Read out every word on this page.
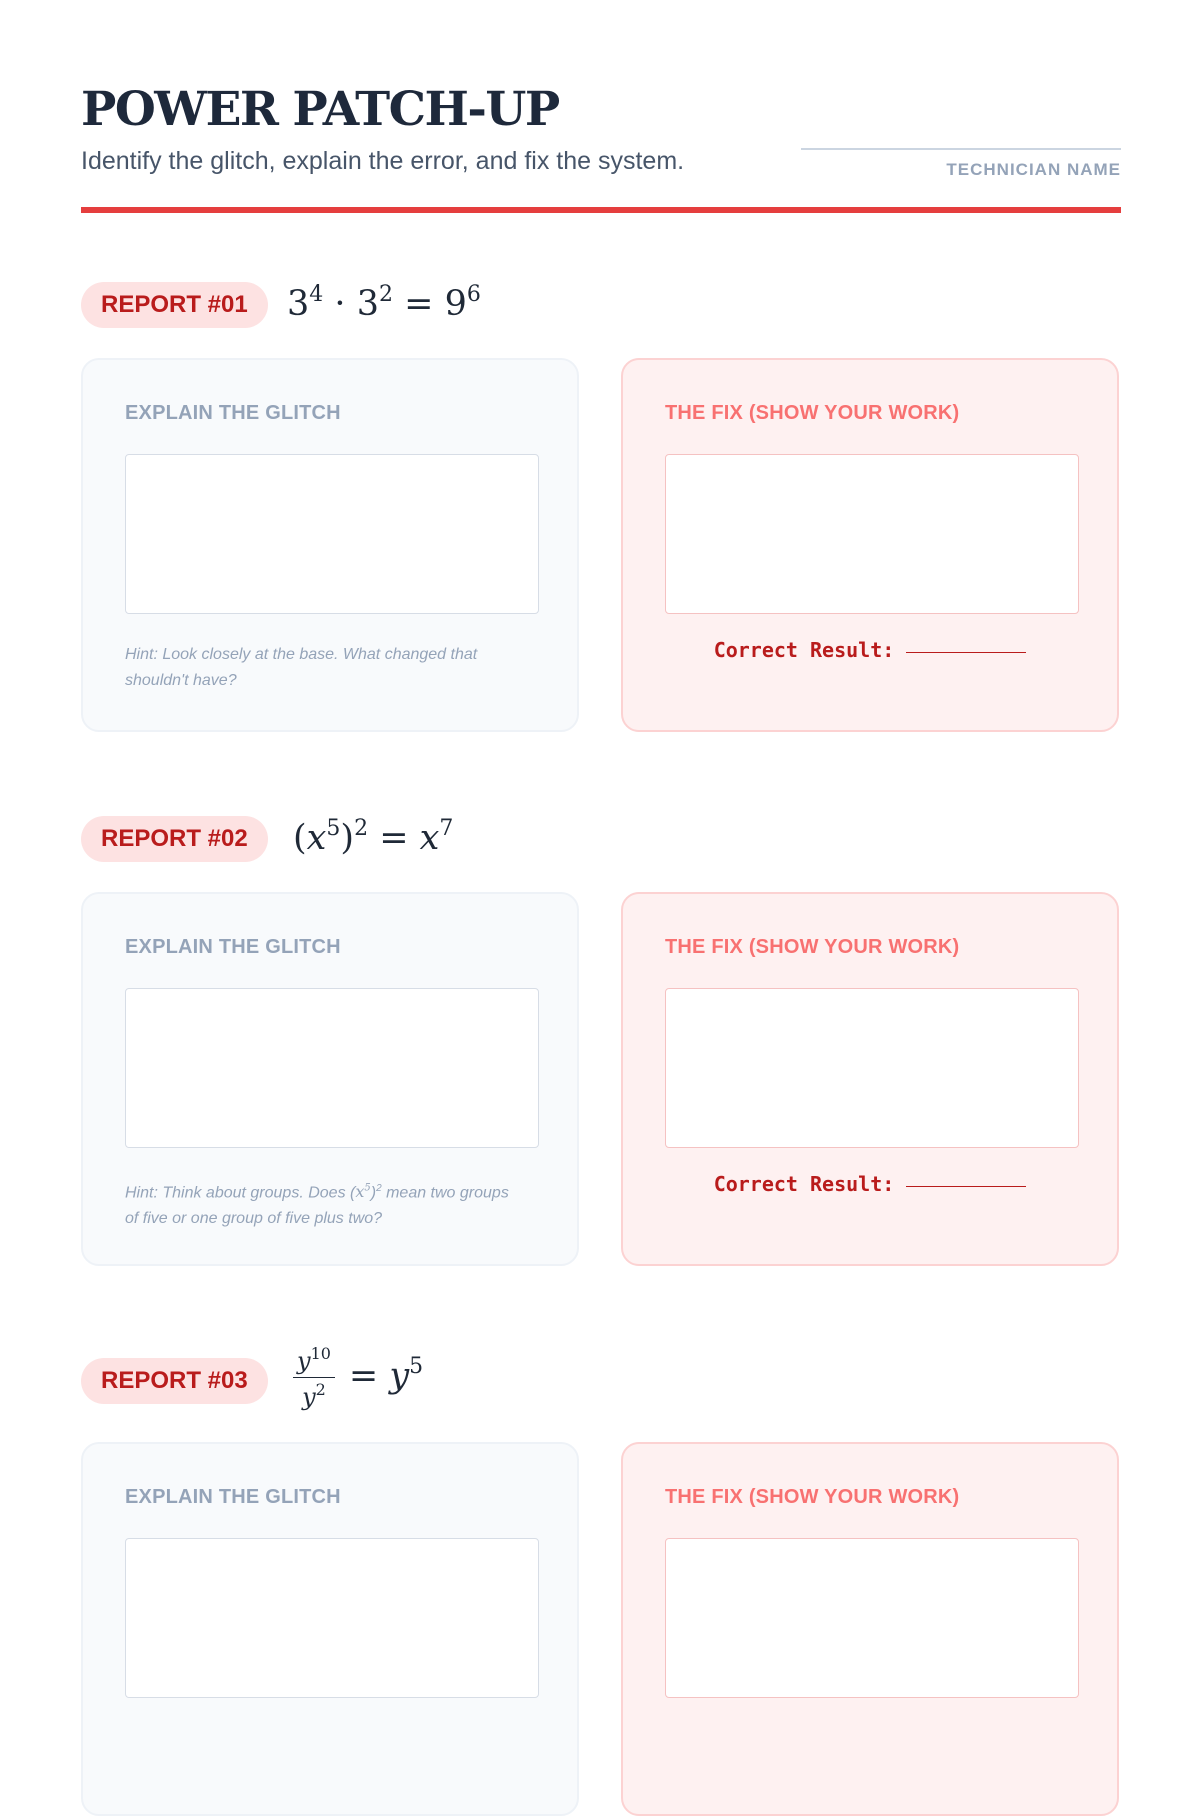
POWER PATCH-UP
Identify the glitch, explain the error, and fix the system.	TECHNICIAN NAME
REPORT #01	$3^4 \cdot 3^2 = 9^6$
EXPLAIN THE GLITCH
Hint: Look closely at the base. What changed that shouldn't have?
THE FIX (SHOW YOUR WORK)
Correct Result:
REPORT #02	$(x^5)^2 = x^7$
EXPLAIN THE GLITCH
Hint: Think about groups. Does $(x^5)^2$ mean two groups of five or one group of five plus two?
THE FIX (SHOW YOUR WORK)
Correct Result:
REPORT #03	$\frac{y^{10}}{y^2} = y^5$
EXPLAIN THE GLITCH	THE FIX (SHOW YOUR WORK)
